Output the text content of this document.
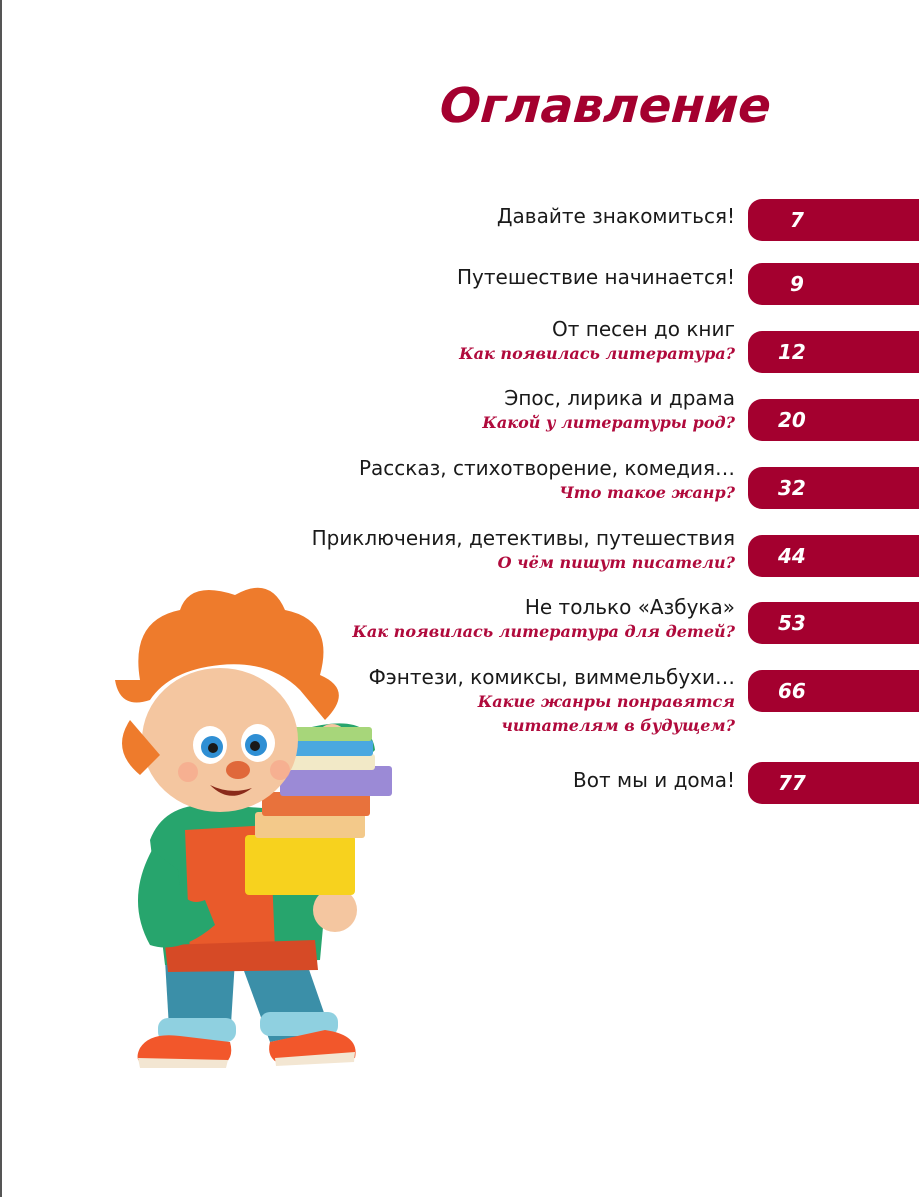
Оглавление
Давайте знакомиться!	7
Путешествие начинается!	9
От песен до книг
Как появилась литература? 12
Эпос, лирика и драма
Какой у литературы род? 20
Рассказ, стихотворение, комедия…
Что такое жанр? 32
Приключения, детективы, путешествия
О чём пишут писатели? 44
Не только «Азбука»
Как появилась литература для детей? 53
Фэнтези, комиксы, виммельбухи…
Какие жанры понравятся
читателям в будущем?
66
Вот мы и дома! 77
